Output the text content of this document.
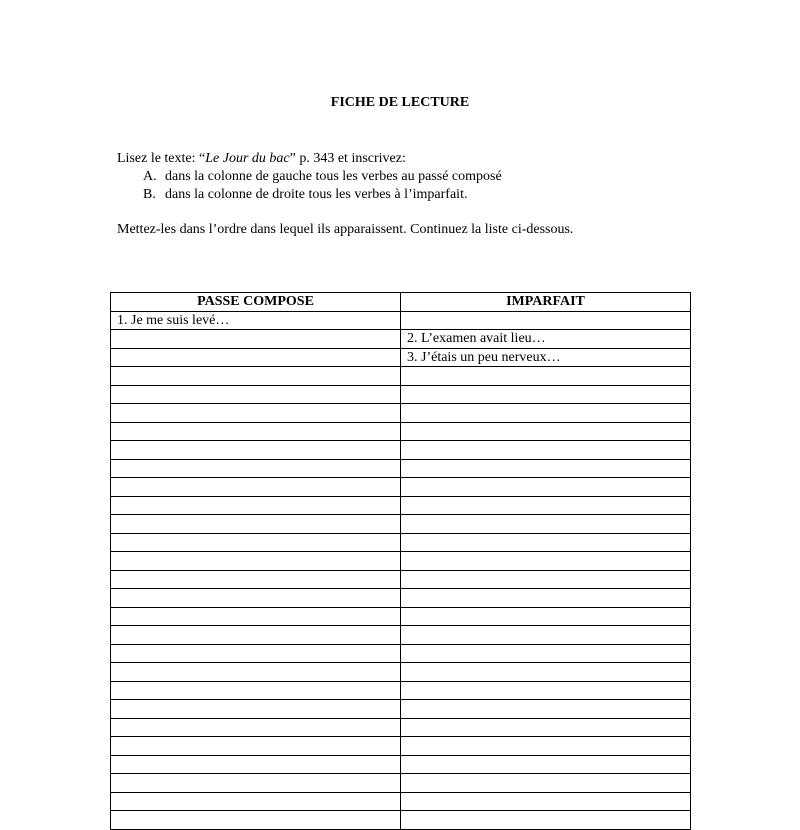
FICHE DE LECTURE
Lisez le texte: “Le Jour du bac” p. 343 et inscrivez:
A. dans la colonne de gauche tous les verbes au passé composé
B. dans la colonne de droite tous les verbes à l’imparfait.
Mettez-les dans l’ordre dans lequel ils apparaissent. Continuez la liste ci-dessous.
PASSE COMPOSE	IMPARFAIT
1. Je me suis levé…	
	2. L’examen avait lieu…
	3. J’étais un peu nerveux…
